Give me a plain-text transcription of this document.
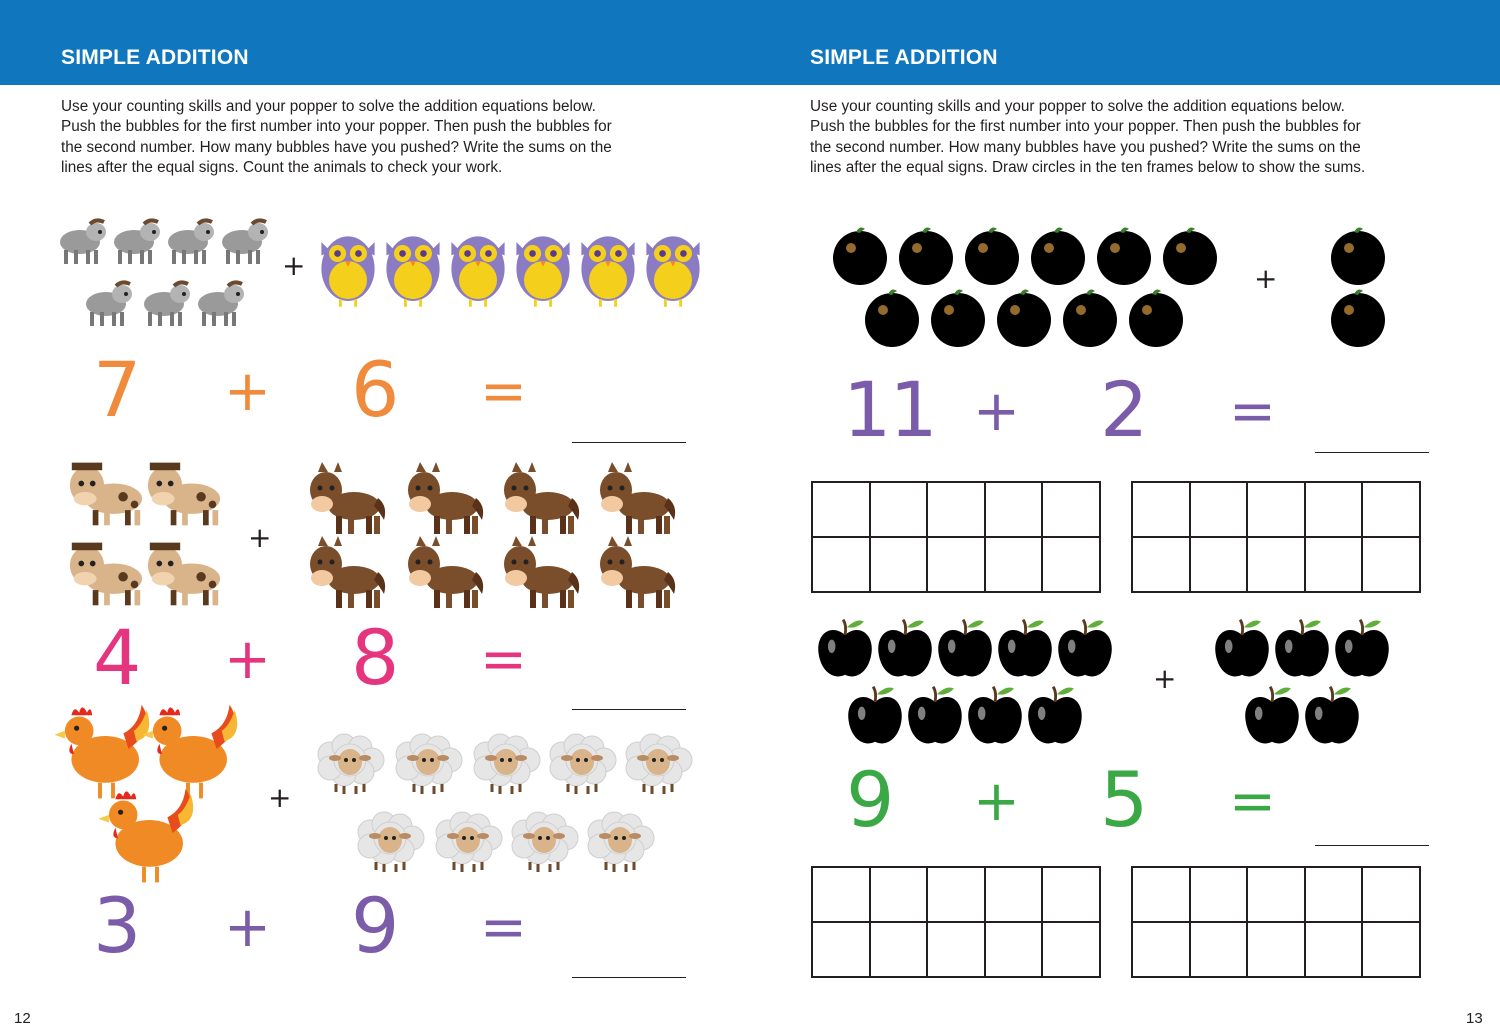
SIMPLE ADDITION

Use your counting skills and your popper to solve the addition equations below.
Push the bubbles for the first number into your popper. Then push the bubbles for
the second number. How many bubbles have you pushed? Write the sums on the
lines after the equal signs. Count the animals to check your work.

12
+
7 + 6 =
+
4 + 8 =
+
3 + 9 =
SIMPLE ADDITION

Use your counting skills and your popper to solve the addition equations below.
Push the bubbles for the first number into your popper. Then push the bubbles for
the second number. How many bubbles have you pushed? Write the sums on the
lines after the equal signs. Draw circles in the ten frames below to show the sums.

13
+
11 + 2 =
+
9 + 5 =
